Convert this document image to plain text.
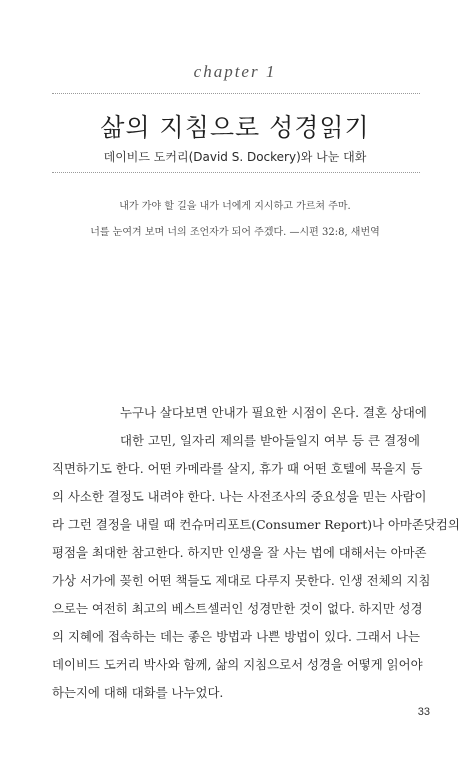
chapter 1
삶의 지침으로 성경읽기
데이비드 도커리(David S. Dockery)와 나눈 대화
내가 가야 할 길을 내가 너에게 지시하고 가르쳐 주마.
너를 눈여겨 보며 너의 조언자가 되어 주겠다. —시편 32:8, 새번역
누구나 살다보면 안내가 필요한 시점이 온다. 결혼 상대에
대한 고민, 일자리 제의를 받아들일지 여부 등 큰 결정에
직면하기도 한다. 어떤 카메라를 살지, 휴가 때 어떤 호텔에 묵을지 등
의 사소한 결정도 내려야 한다. 나는 사전조사의 중요성을 믿는 사람이
라 그런 결정을 내릴 때 컨슈머리포트(Consumer Report)나 아마존닷컴의
평점을 최대한 참고한다. 하지만 인생을 잘 사는 법에 대해서는 아마존
가상 서가에 꽂힌 어떤 책들도 제대로 다루지 못한다. 인생 전체의 지침
으로는 여전히 최고의 베스트셀러인 성경만한 것이 없다. 하지만 성경
의 지혜에 접속하는 데는 좋은 방법과 나쁜 방법이 있다. 그래서 나는
데이비드 도커리 박사와 함께, 삶의 지침으로서 성경을 어떻게 읽어야
하는지에 대해 대화를 나누었다.
33
